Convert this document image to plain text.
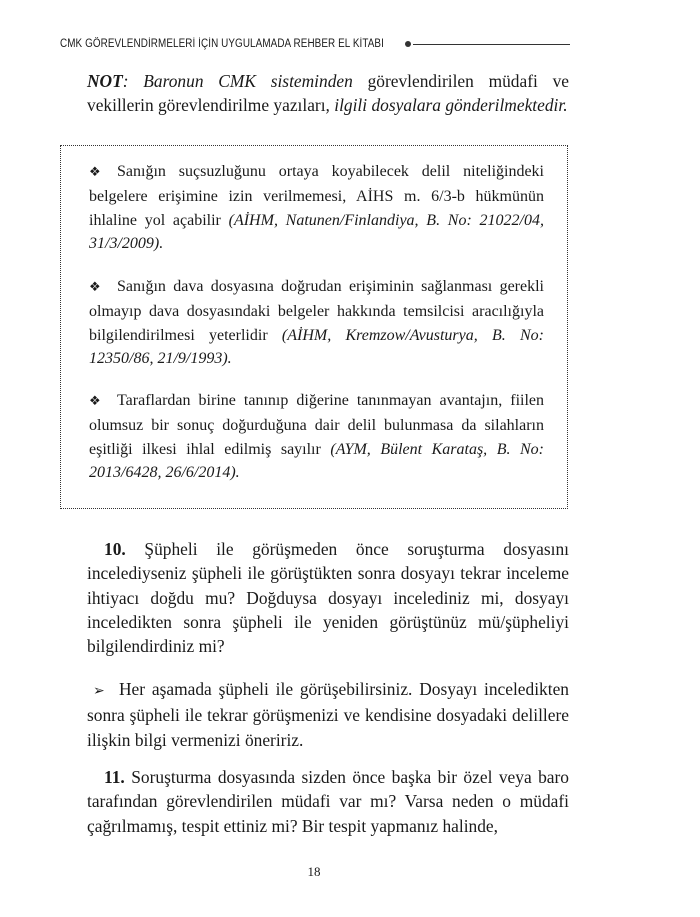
CMK GÖREVLENDİRMELERİ İÇİN UYGULAMADA REHBER EL KİTABI

NOT: Baronun CMK sisteminden görevlendirilen müdafi ve vekillerin görevlendirilme yazıları, ilgili dosyalara gönderilmektedir.

❖ Sanığın suçsuzluğunu ortaya koyabilecek delil niteliğindeki belgelere erişimine izin verilmemesi, AİHS m. 6/3-b hükmünün ihlaline yol açabilir (AİHM, Natunen/Finlandiya, B. No: 21022/04, 31/3/2009).

❖ Sanığın dava dosyasına doğrudan erişiminin sağlanması gerekli olmayıp dava dosyasındaki belgeler hakkında temsilcisi aracılığıyla bilgilendirilmesi yeterlidir (AİHM, Kremzow/Avusturya, B. No: 12350/86, 21/9/1993).

❖ Taraflardan birine tanınıp diğerine tanınmayan avantajın, fiilen olumsuz bir sonuç doğurduğuna dair delil bulunmasa da silahların eşitliği ilkesi ihlal edilmiş sayılır (AYM, Bülent Karataş, B. No: 2013/6428, 26/6/2014).

10. Şüpheli ile görüşmeden önce soruşturma dosyasını incelediyseniz şüpheli ile görüştükten sonra dosyayı tekrar inceleme ihtiyacı doğdu mu? Doğduysa dosyayı incelediniz mi, dosyayı inceledikten sonra şüpheli ile yeniden görüştünüz mü/şüpheliyi bilgilendirdiniz mi?

➢ Her aşamada şüpheli ile görüşebilirsiniz. Dosyayı inceledikten sonra şüpheli ile tekrar görüşmenizi ve kendisine dosyadaki delillere ilişkin bilgi vermenizi öneririz.

11. Soruşturma dosyasında sizden önce başka bir özel veya baro tarafından görevlendirilen müdafi var mı? Varsa neden o müdafi çağrılmamış, tespit ettiniz mi? Bir tespit yapmanız halinde,

18
